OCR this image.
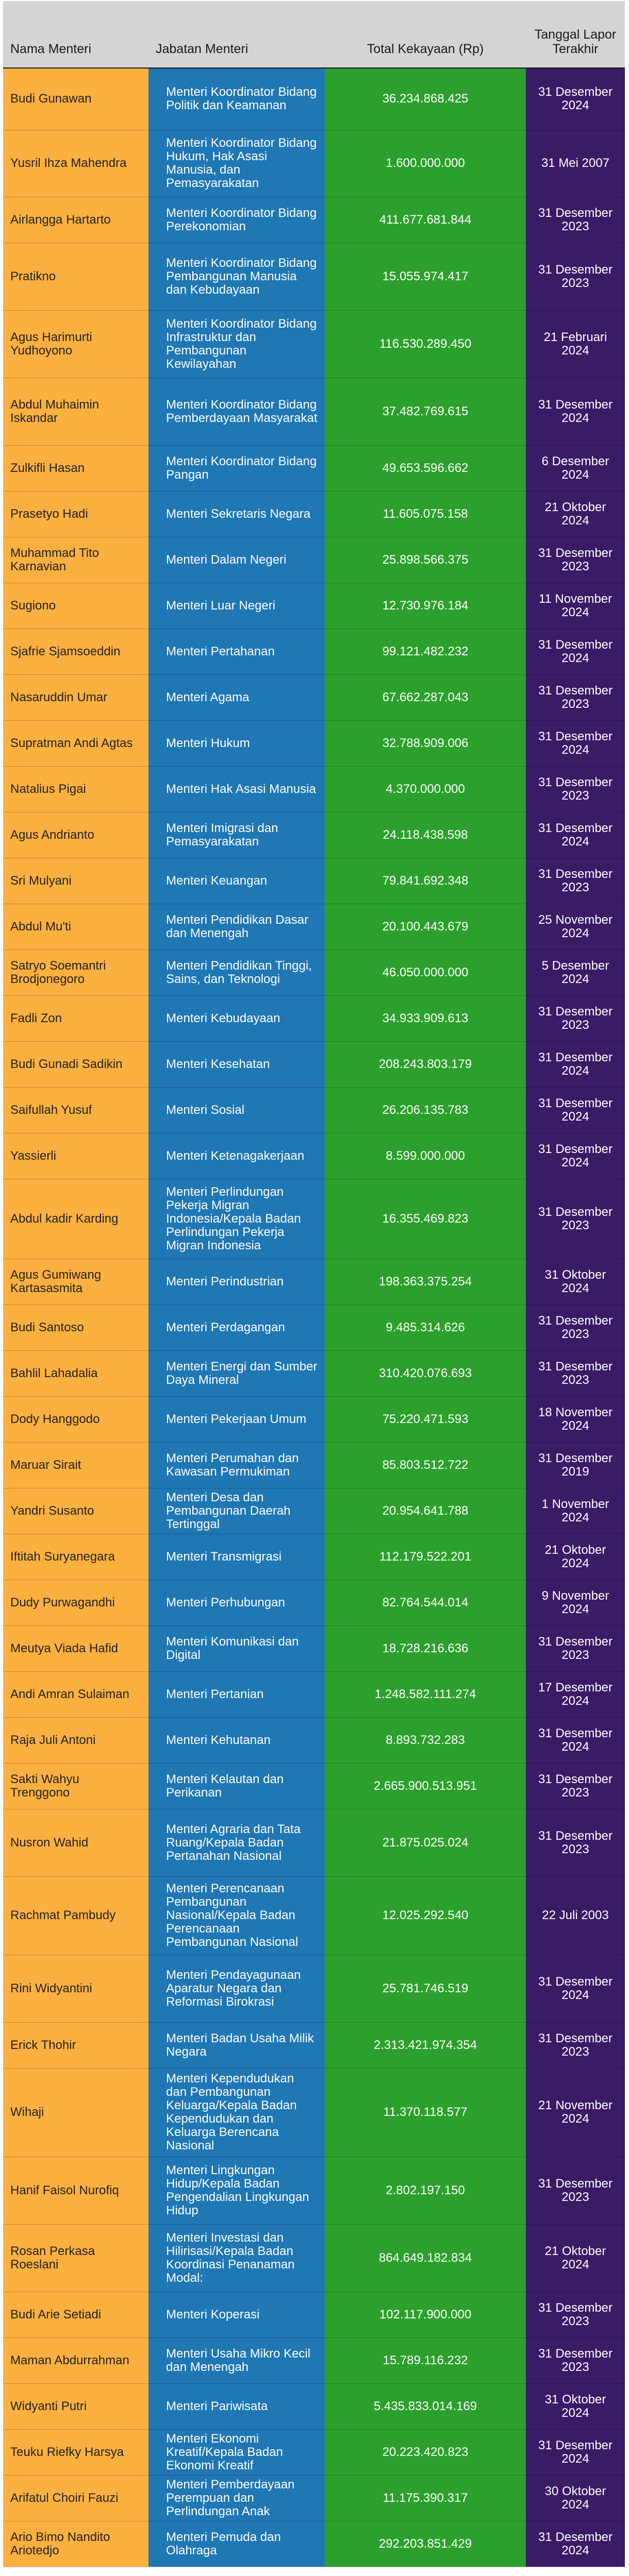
Nama Menteri	Jabatan Menteri	Total Kekayaan (Rp)	Tanggal Lapor Terakhir
Budi Gunawan	Menteri Koordinator Bidang Politik dan Keamanan	36.234.868.425	31 Desember 2024
Yusril Ihza Mahendra	Menteri Koordinator Bidang Hukum, Hak Asasi Manusia, dan Pemasyarakatan	1.600.000.000	31 Mei 2007
Airlangga Hartarto	Menteri Koordinator Bidang Perekonomian	411.677.681.844	31 Desember 2023
Pratikno	Menteri Koordinator Bidang Pembangunan Manusia dan Kebudayaan	15.055.974.417	31 Desember 2023
Agus Harimurti Yudhoyono	Menteri Koordinator Bidang Infrastruktur dan Pembangunan Kewilayahan	116.530.289.450	21 Februari 2024
Abdul Muhaimin Iskandar	Menteri Koordinator Bidang Pemberdayaan Masyarakat	37.482.769.615	31 Desember 2024
Zulkifli Hasan	Menteri Koordinator Bidang Pangan	49.653.596.662	6 Desember 2024
Prasetyo Hadi	Menteri Sekretaris Negara	11.605.075.158	21 Oktober 2024
Muhammad Tito Karnavian	Menteri Dalam Negeri	25.898.566.375	31 Desember 2023
Sugiono	Menteri Luar Negeri	12.730.976.184	11 November 2024
Sjafrie Sjamsoeddin	Menteri Pertahanan	99.121.482.232	31 Desember 2024
Nasaruddin Umar	Menteri Agama	67.662.287.043	31 Desember 2023
Supratman Andi Agtas	Menteri Hukum	32.788.909.006	31 Desember 2024
Natalius Pigai	Menteri Hak Asasi Manusia	4.370.000.000	31 Desember 2023
Agus Andrianto	Menteri Imigrasi dan Pemasyarakatan	24.118.438.598	31 Desember 2024
Sri Mulyani	Menteri Keuangan	79.841.692.348	31 Desember 2023
Abdul Mu'ti	Menteri Pendidikan Dasar dan Menengah	20.100.443.679	25 November 2024
Satryo Soemantri Brodjonegoro	Menteri Pendidikan Tinggi, Sains, dan Teknologi	46.050.000.000	5 Desember 2024
Fadli Zon	Menteri Kebudayaan	34.933.909.613	31 Desember 2023
Budi Gunadi Sadikin	Menteri Kesehatan	208.243.803.179	31 Desember 2024
Saifullah Yusuf	Menteri Sosial	26.206.135.783	31 Desember 2024
Yassierli	Menteri Ketenagakerjaan	8.599.000.000	31 Desember 2024
Abdul kadir Karding	Menteri Perlindungan Pekerja Migran Indonesia/Kepala Badan Perlindungan Pekerja Migran Indonesia	16.355.469.823	31 Desember 2023
Agus Gumiwang Kartasasmita	Menteri Perindustrian	198.363.375.254	31 Oktober 2024
Budi Santoso	Menteri Perdagangan	9.485.314.626	31 Desember 2023
Bahlil Lahadalia	Menteri Energi dan Sumber Daya Mineral	310.420.076.693	31 Desember 2023
Dody Hanggodo	Menteri Pekerjaan Umum	75.220.471.593	18 November 2024
Maruar Sirait	Menteri Perumahan dan Kawasan Permukiman	85.803.512.722	31 Desember 2019
Yandri Susanto	Menteri Desa dan Pembangunan Daerah Tertinggal	20.954.641.788	1 November 2024
Iftitah Suryanegara	Menteri Transmigrasi	112.179.522.201	21 Oktober 2024
Dudy Purwagandhi	Menteri Perhubungan	82.764.544.014	9 November 2024
Meutya Viada Hafid	Menteri Komunikasi dan Digital	18.728.216.636	31 Desember 2023
Andi Amran Sulaiman	Menteri Pertanian	1.248.582.111.274	17 Desember 2024
Raja Juli Antoni	Menteri Kehutanan	8.893.732.283	31 Desember 2024
Sakti Wahyu Trenggono	Menteri Kelautan dan Perikanan	2.665.900.513.951	31 Desember 2023
Nusron Wahid	Menteri Agraria dan Tata Ruang/Kepala Badan Pertanahan Nasional	21.875.025.024	31 Desember 2023
Rachmat Pambudy	Menteri Perencanaan Pembangunan Nasional/Kepala Badan Perencanaan Pembangunan Nasional	12.025.292.540	22 Juli 2003
Rini Widyantini	Menteri Pendayagunaan Aparatur Negara dan Reformasi Birokrasi	25.781.746.519	31 Desember 2024
Erick Thohir	Menteri Badan Usaha Milik Negara	2.313.421.974.354	31 Desember 2023
Wihaji	Menteri Kependudukan dan Pembangunan Keluarga/Kepala Badan Kependudukan dan Keluarga Berencana Nasional	11.370.118.577	21 November 2024
Hanif Faisol Nurofiq	Menteri Lingkungan Hidup/Kepala Badan Pengendalian Lingkungan Hidup	2.802.197.150	31 Desember 2023
Rosan Perkasa Roeslani	Menteri Investasi dan Hilirisasi/Kepala Badan Koordinasi Penanaman Modal:	864.649.182.834	21 Oktober 2024
Budi Arie Setiadi	Menteri Koperasi	102.117.900.000	31 Desember 2023
Maman Abdurrahman	Menteri Usaha Mikro Kecil dan Menengah	15.789.116.232	31 Desember 2023
Widyanti Putri	Menteri Pariwisata	5.435.833.014.169	31 Oktober 2024
Teuku Riefky Harsya	Menteri Ekonomi Kreatif/Kepala Badan Ekonomi Kreatif	20.223.420.823	31 Desember 2024
Arifatul Choiri Fauzi	Menteri Pemberdayaan Perempuan dan Perlindungan Anak	11.175.390.317	30 Oktober 2024
Ario Bimo Nandito Ariotedjo	Menteri Pemuda dan Olahraga	292.203.851.429	31 Desember 2024
